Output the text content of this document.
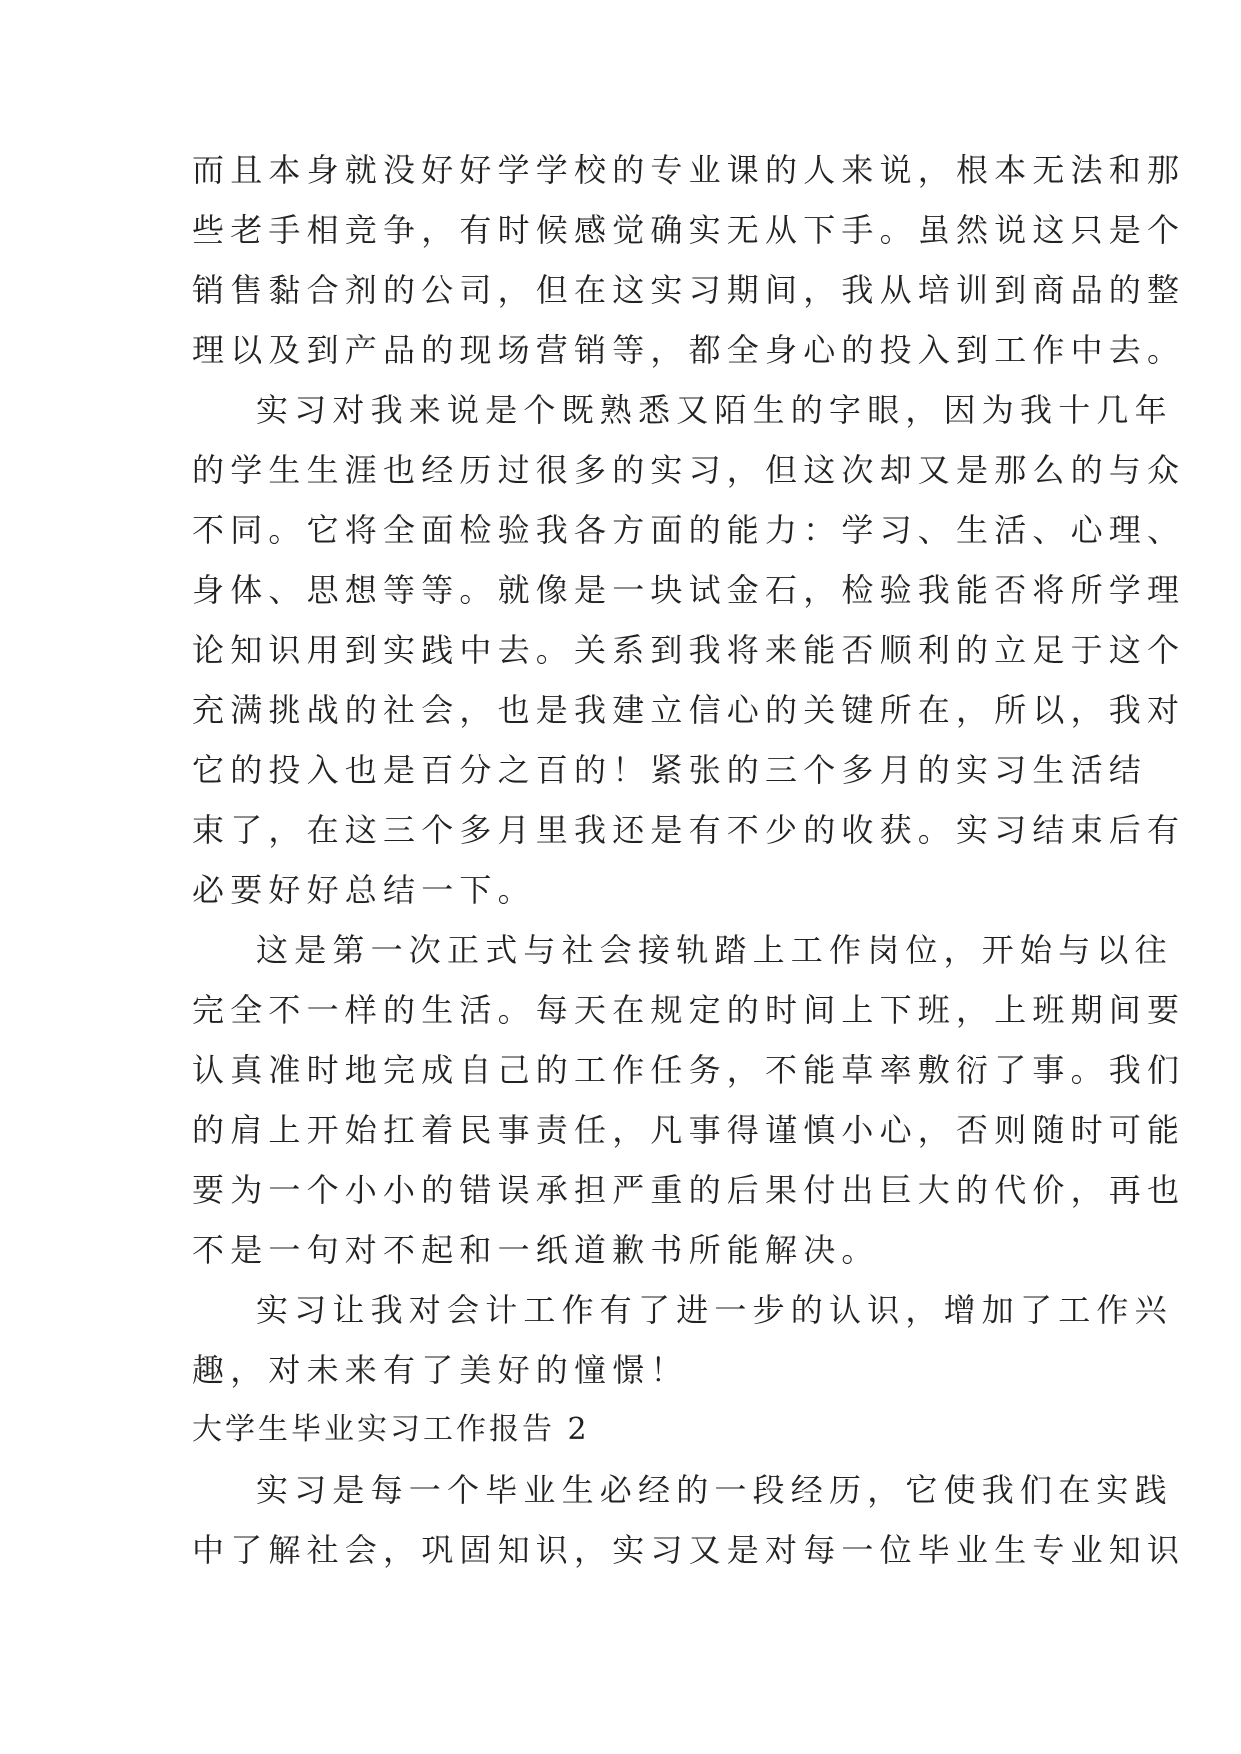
而且本身就没好好学学校的专业课的人来说，根本无法和那
些老手相竞争，有时候感觉确实无从下手。虽然说这只是个
销售黏合剂的公司，但在这实习期间，我从培训到商品的整
理以及到产品的现场营销等，都全身心的投入到工作中去。
实习对我来说是个既熟悉又陌生的字眼，因为我十几年
的学生生涯也经历过很多的实习，但这次却又是那么的与众
不同。它将全面检验我各方面的能力：学习、生活、心理、
身体、思想等等。就像是一块试金石，检验我能否将所学理
论知识用到实践中去。关系到我将来能否顺利的立足于这个
充满挑战的社会，也是我建立信心的关键所在，所以，我对
它的投入也是百分之百的！紧张的三个多月的实习生活结
束了，在这三个多月里我还是有不少的收获。实习结束后有
必要好好总结一下。
这是第一次正式与社会接轨踏上工作岗位，开始与以往
完全不一样的生活。每天在规定的时间上下班，上班期间要
认真准时地完成自己的工作任务，不能草率敷衍了事。我们
的肩上开始扛着民事责任，凡事得谨慎小心，否则随时可能
要为一个小小的错误承担严重的后果付出巨大的代价，再也
不是一句对不起和一纸道歉书所能解决。
实习让我对会计工作有了进一步的认识，增加了工作兴
趣，对未来有了美好的憧憬！
大学生毕业实习工作报告 2
实习是每一个毕业生必经的一段经历，它使我们在实践
中了解社会，巩固知识，实习又是对每一位毕业生专业知识
